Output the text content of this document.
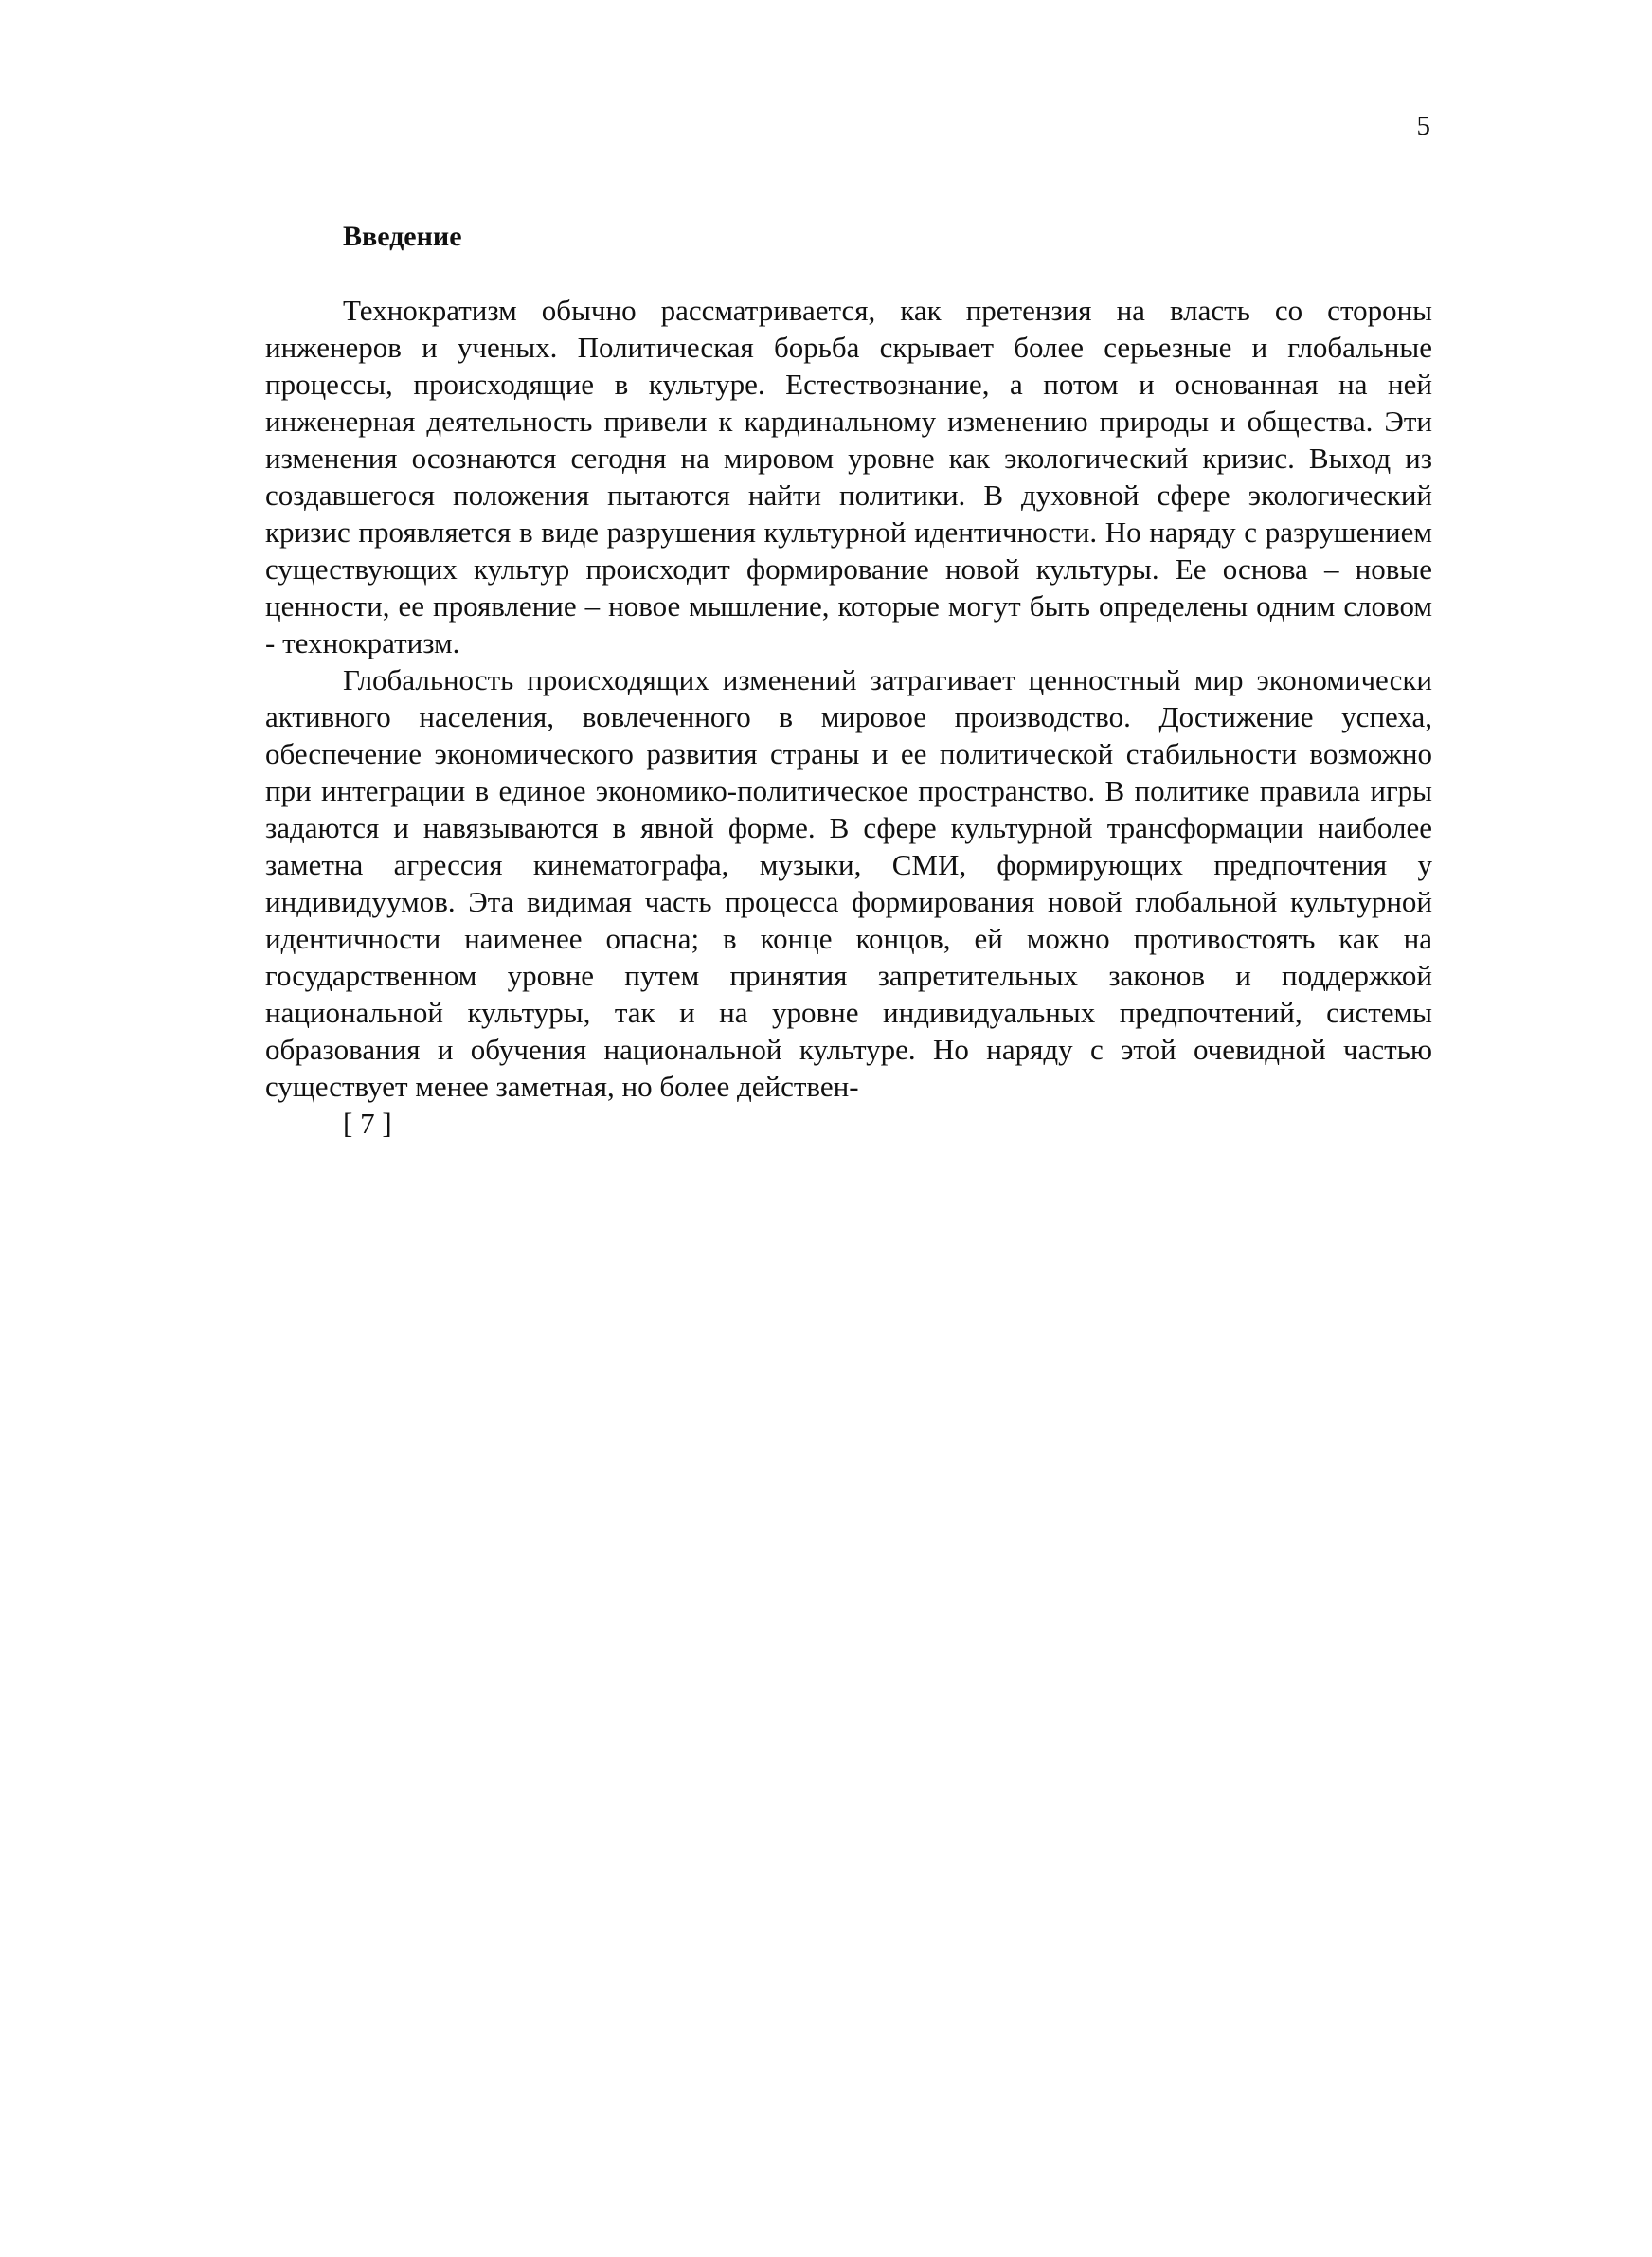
5
Введение

Технократизм обычно рассматривается, как претензия на власть со стороны инженеров и ученых. Политическая борьба скрывает более серьезные и глобальные процессы, происходящие в культуре. Естествознание, а потом и основанная на ней инженерная деятельность привели к кардинальному изменению природы и общества. Эти изменения осознаются сегодня на мировом уровне как экологический кризис. Выход из создавшегося положения пытаются найти политики. В духовной сфере экологический кризис проявляется в виде разрушения культурной идентичности. Но наряду с разрушением существующих культур происходит формирование новой культуры. Ее основа – новые ценности, ее проявление – новое мышление, которые могут быть определены одним словом - технократизм.

Глобальность происходящих изменений затрагивает ценностный мир экономически активного населения, вовлеченного в мировое производство. Достижение успеха, обеспечение экономического развития страны и ее политической стабильности возможно при интеграции в единое экономико-политическое пространство. В политике правила игры задаются и навязываются в явной форме. В сфере культурной трансформации наиболее заметна агрессия кинематографа, музыки, СМИ, формирующих предпочтения у индивидуумов. Эта видимая часть процесса формирования новой глобальной культурной идентичности наименее опасна; в конце концов, ей можно противостоять как на государственном уровне путем принятия запретительных законов и поддержкой национальной культуры, так и на уровне индивидуальных предпочтений, системы образования и обучения национальной культуре. Но наряду с этой очевидной частью существует менее заметная, но более действен-

[ 7 ]
